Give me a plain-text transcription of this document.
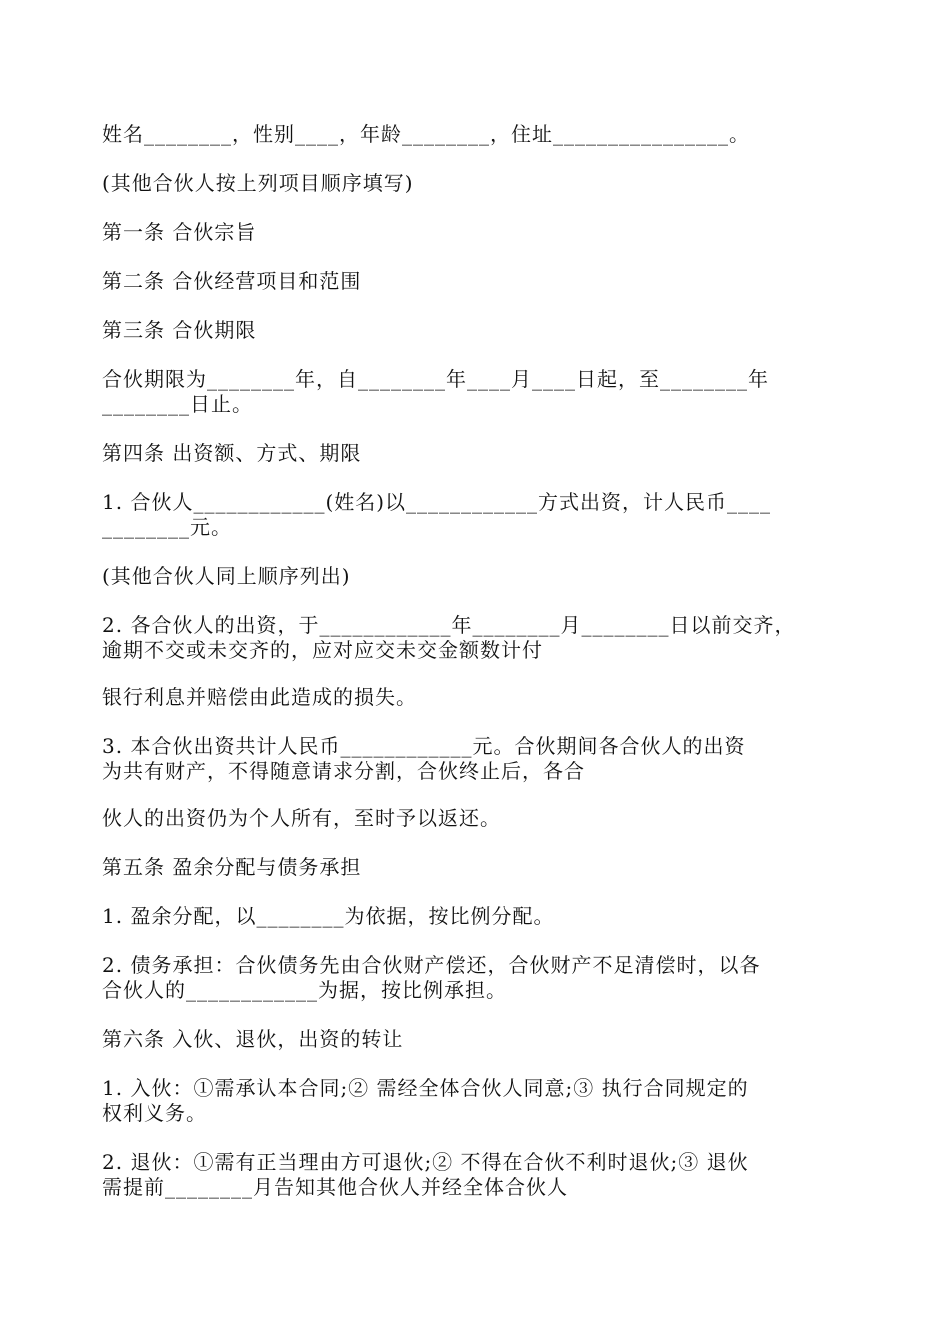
姓名________，性别____，年龄________，住址________________。

(其他合伙人按上列项目顺序填写)

第一条 合伙宗旨

第二条 合伙经营项目和范围

第三条 合伙期限

合伙期限为________年，自________年____月____日起，至________年
________日止。

第四条 出资额、方式、期限

1. 合伙人____________(姓名)以____________方式出资，计人民币____
________元。

(其他合伙人同上顺序列出)

2. 各合伙人的出资，于____________年________月________日以前交齐，
逾期不交或未交齐的，应对应交未交金额数计付

银行利息并赔偿由此造成的损失。

3. 本合伙出资共计人民币____________元。合伙期间各合伙人的出资
为共有财产，不得随意请求分割，合伙终止后，各合

伙人的出资仍为个人所有，至时予以返还。

第五条 盈余分配与债务承担

1. 盈余分配，以________为依据，按比例分配。

2. 债务承担：合伙债务先由合伙财产偿还，合伙财产不足清偿时，以各
合伙人的____________为据，按比例承担。

第六条 入伙、退伙，出资的转让

1. 入伙：①需承认本合同;② 需经全体合伙人同意;③ 执行合同规定的
权利义务。

2. 退伙：①需有正当理由方可退伙;② 不得在合伙不利时退伙;③ 退伙
需提前________月告知其他合伙人并经全体合伙人
